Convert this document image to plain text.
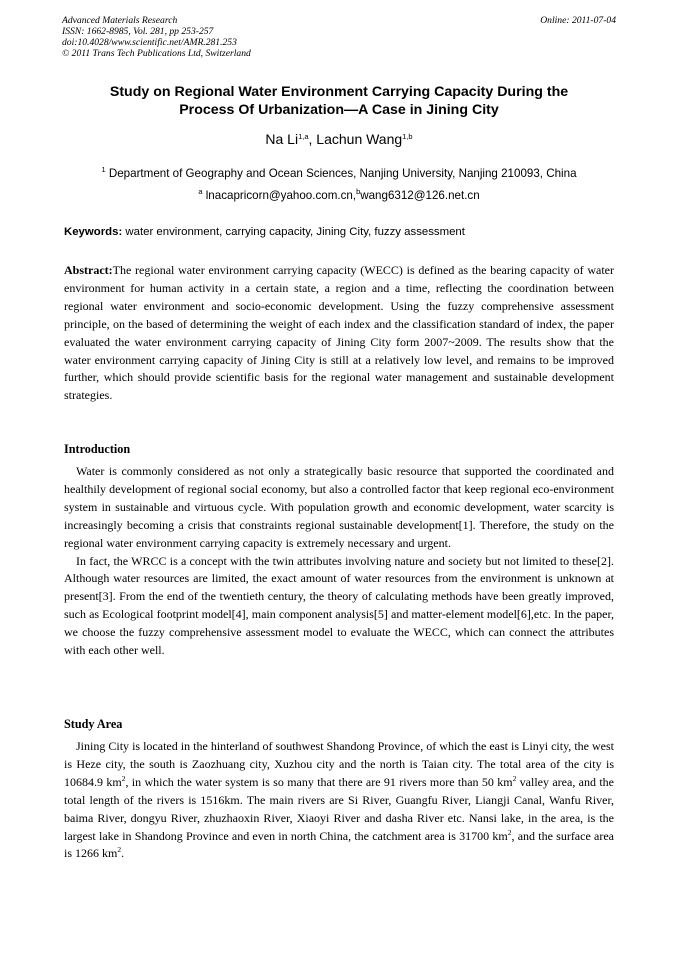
Advanced Materials Research
ISSN: 1662-8985, Vol. 281, pp 253-257
doi:10.4028/www.scientific.net/AMR.281.253
© 2011 Trans Tech Publications Ltd, Switzerland
Online: 2011-07-04
Study on Regional Water Environment Carrying Capacity During the
Process Of Urbanization—A Case in Jining City
Na Li$^{1,a}$, Lachun Wang$^{1,b}$
$^1$ Department of Geography and Ocean Sciences, Nanjing University, Nanjing 210093, China
$^a$ lnacapricorn@yahoo.com.cn,$^b$wang6312@126.net.cn
Keywords: water environment, carrying capacity, Jining City, fuzzy assessment
Abstract:The regional water environment carrying capacity (WECC) is defined as the bearing capacity of water environment for human activity in a certain state, a region and a time, reflecting the coordination between regional water environment and socio-economic development. Using the fuzzy comprehensive assessment principle, on the based of determining the weight of each index and the classification standard of index, the paper evaluated the water environment carrying capacity of Jining City form 2007~2009. The results show that the water environment carrying capacity of Jining City is still at a relatively low level, and remains to be improved further, which should provide scientific basis for the regional water management and sustainable development strategies.
Introduction

Water is commonly considered as not only a strategically basic resource that supported the coordinated and healthily development of regional social economy, but also a controlled factor that keep regional eco-environment system in sustainable and virtuous cycle. With population growth and economic development, water scarcity is increasingly becoming a crisis that constraints regional sustainable development[1]. Therefore, the study on the regional water environment carrying capacity is extremely necessary and urgent.

In fact, the WRCC is a concept with the twin attributes involving nature and society but not limited to these[2]. Although water resources are limited, the exact amount of water resources from the environment is unknown at present[3]. From the end of the twentieth century, the theory of calculating methods have been greatly improved, such as Ecological footprint model[4], main component analysis[5] and matter-element model[6],etc. In the paper, we choose the fuzzy comprehensive assessment model to evaluate the WECC, which can connect the attributes with each other well.

Study Area

Jining City is located in the hinterland of southwest Shandong Province, of which the east is Linyi city, the west is Heze city, the south is Zaozhuang city, Xuzhou city and the north is Taian city. The total area of the city is 10684.9 $km^2$, in which the water system is so many that there are 91 rivers more than 50 $km^2$ valley area, and the total length of the rivers is 1516km. The main rivers are Si River, Guangfu River, Liangji Canal, Wanfu River, baima River, dongyu River, zhuzhaoxin River, Xiaoyi River and dasha River etc. Nansi lake, in the area, is the largest lake in Shandong Province and even in north China, the catchment area is 31700 $km^2$, and the surface area is 1266 $km^2$.
